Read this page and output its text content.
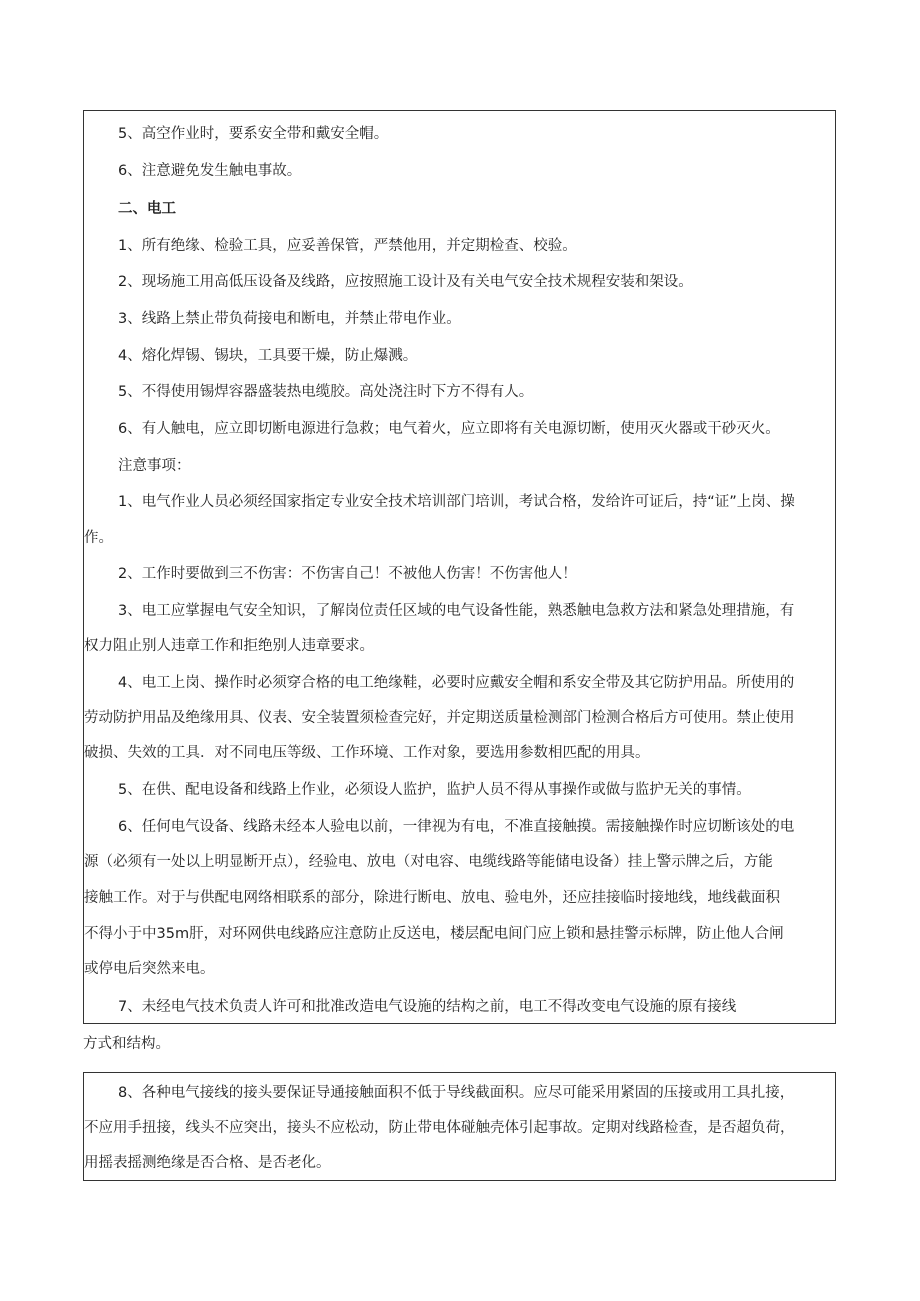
5、高空作业时，要系安全带和戴安全帽。
6、注意避免发生触电事故。
二、电工
1、所有绝缘、检验工具，应妥善保管，严禁他用，并定期检查、校验。
2、现场施工用高低压设备及线路，应按照施工设计及有关电气安全技术规程安装和架设。
3、线路上禁止带负荷接电和断电，并禁止带电作业。
4、熔化焊锡、锡块，工具要干燥，防止爆溅。
5、不得使用锡焊容器盛装热电缆胶。高处浇注时下方不得有人。
6、有人触电，应立即切断电源进行急救；电气着火，应立即将有关电源切断，使用灭火器或干砂灭火。
注意事项：
1、电气作业人员必须经国家指定专业安全技术培训部门培训，考试合格，发给许可证后，持“证”上岗、操
作。
2、工作时要做到三不伤害：不伤害自己！不被他人伤害！不伤害他人！
3、电工应掌握电气安全知识，了解岗位责任区域的电气设备性能，熟悉触电急救方法和紧急处理措施，有
权力阻止别人违章工作和拒绝别人违章要求。
4、电工上岗、操作时必须穿合格的电工绝缘鞋，必要时应戴安全帽和系安全带及其它防护用品。所使用的
劳动防护用品及绝缘用具、仪表、安全装置须检查完好，并定期送质量检测部门检测合格后方可使用。禁止使用
破损、失效的工具．对不同电压等级、工作环境、工作对象，要选用参数相匹配的用具。
5、在供、配电设备和线路上作业，必须设人监护，监护人员不得从事操作或做与监护无关的事情。
6、任何电气设备、线路未经本人验电以前，一律视为有电，不准直接触摸。需接触操作时应切断该处的电
源（必须有一处以上明显断开点），经验电、放电（对电容、电缆线路等能储电设备）挂上警示牌之后，方能
接触工作。对于与供配电网络相联系的部分，除进行断电、放电、验电外，还应挂接临时接地线，地线截面积
不得小于中35m肝，对环网供电线路应注意防止反送电，楼层配电间门应上锁和悬挂警示标牌，防止他人合闸
或停电后突然来电。
7、未经电气技术负责人许可和批准改造电气设施的结构之前，电工不得改变电气设施的原有接线
方式和结构。
8、各种电气接线的接头要保证导通接触面积不低于导线截面积。应尽可能采用紧固的压接或用工具扎接，
不应用手扭接，线头不应突出，接头不应松动，防止带电体碰触壳体引起事故。定期对线路检查，是否超负荷，
用摇表摇测绝缘是否合格、是否老化。
